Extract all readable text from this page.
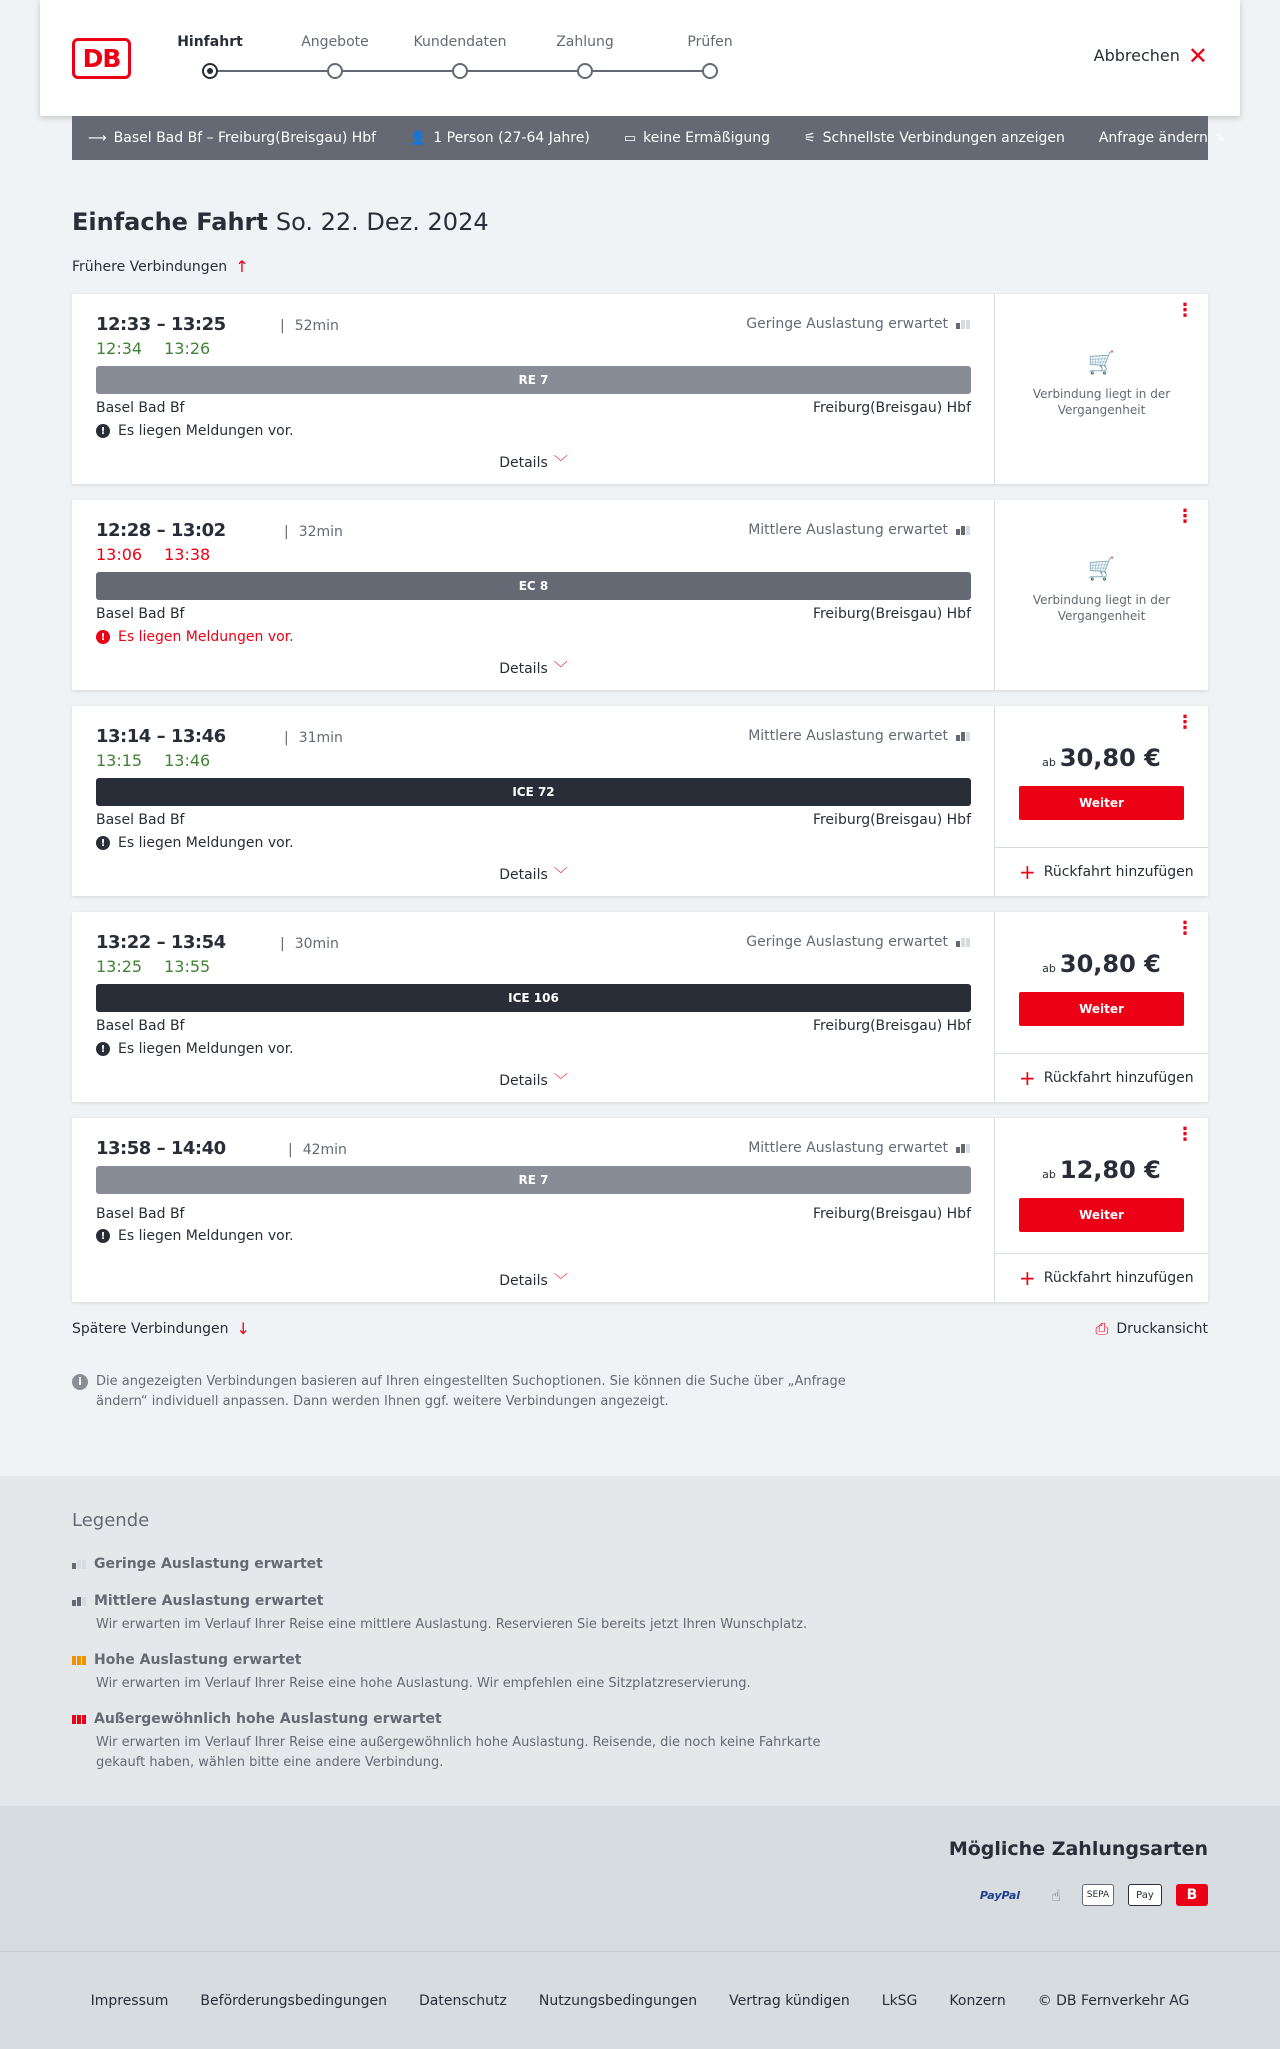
DB
Hinfahrt	Angebote	Kundendaten	Zahlung	Prüfen
Abbrechen ✕
⟶ Basel Bad Bf – Freiburg(Breisgau) Hbf	👤 1 Person (27-64 Jahre)	▭ keine Ermäßigung	⚟ Schnellste Verbindungen anzeigen Anfrage ändern ✎
Einfache Fahrt So. 22. Dez. 2024
Frühere Verbindungen ↑
12:33 – 13:25	| 52min
12:34 13:26
Geringe Auslastung erwartet
RE 7
Basel Bad Bf	Freiburg(Breisgau) Hbf
! Es liegen Meldungen vor.
Details ﹀
⋮
🛒
Verbindung liegt in der Vergangenheit
12:28 – 13:02	| 32min
13:06 13:38
Mittlere Auslastung erwartet
EC 8
Basel Bad Bf	Freiburg(Breisgau) Hbf
! Es liegen Meldungen vor.
Details ﹀
⋮
🛒
Verbindung liegt in der Vergangenheit
13:14 – 13:46	| 31min
13:15 13:46
Mittlere Auslastung erwartet
ICE 72
Basel Bad Bf	Freiburg(Breisgau) Hbf
! Es liegen Meldungen vor.
Details ﹀
⋮
ab 30,80 €
Weiter
+ Rückfahrt hinzufügen
13:22 – 13:54	| 30min
13:25 13:55
Geringe Auslastung erwartet
ICE 106
Basel Bad Bf	Freiburg(Breisgau) Hbf
! Es liegen Meldungen vor.
Details ﹀
⋮
ab 30,80 €
Weiter
+ Rückfahrt hinzufügen
13:58 – 14:40	| 42min	Mittlere Auslastung erwartet
RE 7
Basel Bad Bf	Freiburg(Breisgau) Hbf
! Es liegen Meldungen vor.
Details ﹀
⋮
ab 12,80 €
Weiter
+ Rückfahrt hinzufügen
Spätere Verbindungen ↓	⎙ Druckansicht
i	Die angezeigten Verbindungen basieren auf Ihren eingestellten Suchoptionen. Sie können die Suche über „Anfrage ändern“ individuell anpassen. Dann werden Ihnen ggf. weitere Verbindungen angezeigt.
Legende
Geringe Auslastung erwartet
Mittlere Auslastung erwartet
Wir erwarten im Verlauf Ihrer Reise eine mittlere Auslastung. Reservieren Sie bereits jetzt Ihren Wunschplatz.
Hohe Auslastung erwartet
Wir erwarten im Verlauf Ihrer Reise eine hohe Auslastung. Wir empfehlen eine Sitzplatzreservierung.
Außergewöhnlich hohe Auslastung erwartet
Wir erwarten im Verlauf Ihrer Reise eine außergewöhnlich hohe Auslastung. Reisende, die noch keine Fahrkarte gekauft haben, wählen bitte eine andere Verbindung.
Mögliche Zahlungsarten
PayPal	☝	SEPA	Pay	B
Impressum Beförderungsbedingungen Datenschutz Nutzungsbedingungen Vertrag kündigen LkSG Konzern © DB Fernverkehr AG
